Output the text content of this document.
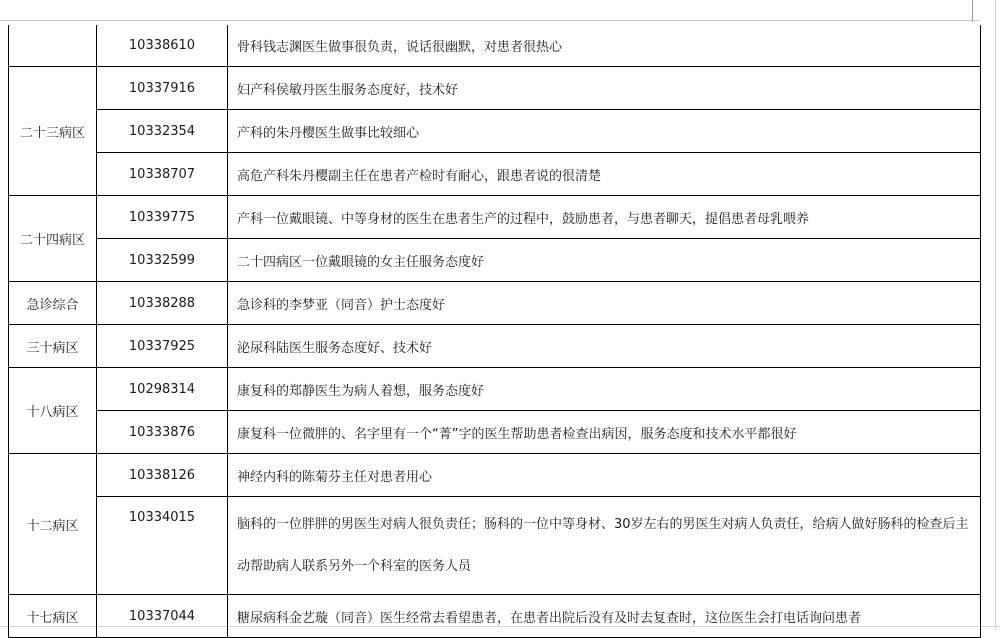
	10338610	骨科钱志渊医生做事很负责，说话很幽默，对患者很热心
二十三病区	10337916	妇产科侯敏丹医生服务态度好，技术好
	10332354	产科的朱丹樱医生做事比较细心
	10338707	高危产科朱丹樱副主任在患者产检时有耐心，跟患者说的很清楚
二十四病区	10339775	产科一位戴眼镜、中等身材的医生在患者生产的过程中，鼓励患者，与患者聊天，提倡患者母乳喂养
	10332599	二十四病区一位戴眼镜的女主任服务态度好
急诊综合	10338288	急诊科的李梦亚（同音）护士态度好
三十病区	10337925	泌尿科陆医生服务态度好、技术好
十八病区	10298314	康复科的郑静医生为病人着想，服务态度好
	10333876	康复科一位微胖的、名字里有一个“菁”字的医生帮助患者检查出病因，服务态度和技术水平都很好
十二病区	10338126	神经内科的陈菊芬主任对患者用心
	10334015	脑科的一位胖胖的男医生对病人很负责任；肠科的一位中等身材、30岁左右的男医生对病人负责任，给病人做好肠科的检查后主动帮助病人联系另外一个科室的医务人员
十七病区	10337044	糖尿病科金艺璇（同音）医生经常去看望患者，在患者出院后没有及时去复查时，这位医生会打电话询问患者
